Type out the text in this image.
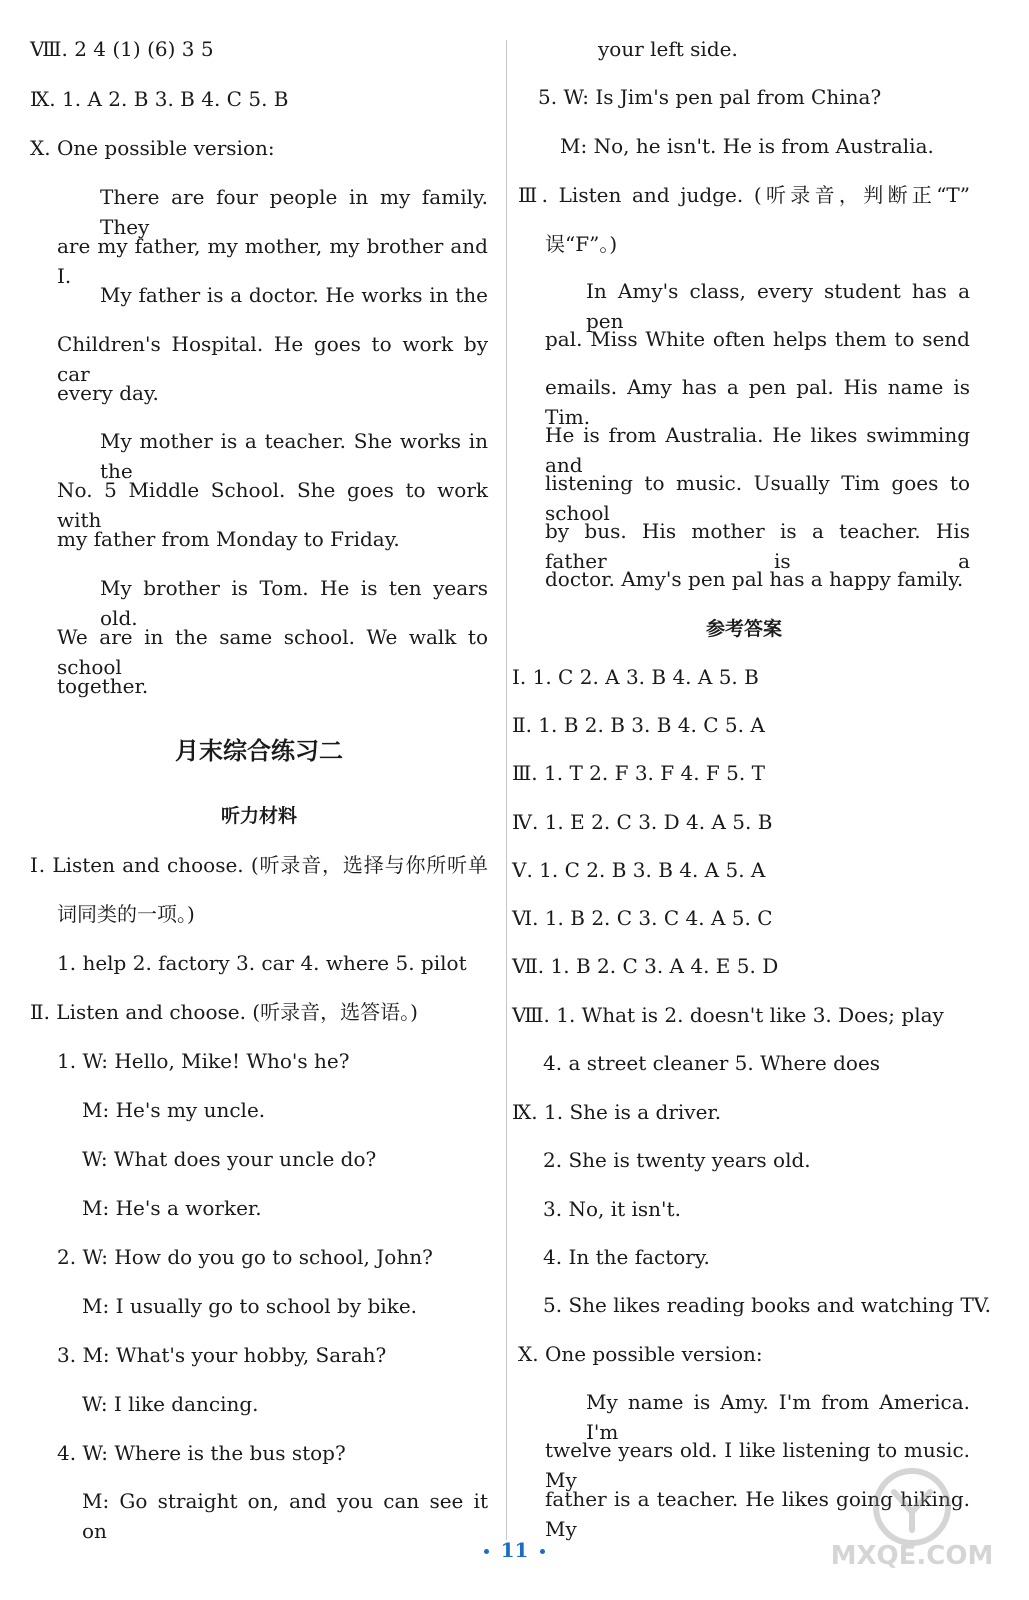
Ⅷ. 2 4 (1) (6) 3 5
Ⅸ. 1. A 2. B 3. B 4. C 5. B
Ⅹ. One possible version:
There are four people in my family. They
are my father, my mother, my brother and I.
My father is a doctor. He works in the
Children's Hospital. He goes to work by car
every day.
My mother is a teacher. She works in the
No. 5 Middle School. She goes to work with
my father from Monday to Friday.
My brother is Tom. He is ten years old.
We are in the same school. We walk to school
together.
月末综合练习二
听力材料
Ⅰ. Listen and choose. (听录音，选择与你所听单
词同类的一项。)
1. help 2. factory 3. car 4. where 5. pilot
Ⅱ. Listen and choose. (听录音，选答语。)
1. W: Hello, Mike! Who's he?
M: He's my uncle.
W: What does your uncle do?
M: He's a worker.
2. W: How do you go to school, John?
M: I usually go to school by bike.
3. M: What's your hobby, Sarah?
W: I like dancing.
4. W: Where is the bus stop?
M: Go straight on, and you can see it on
your left side.
5. W: Is Jim's pen pal from China?
M: No, he isn't. He is from Australia.
Ⅲ. Listen and judge. (听录音，判断正“T”
误“F”。)
In Amy's class, every student has a pen
pal. Miss White often helps them to send
emails. Amy has a pen pal. His name is Tim.
He is from Australia. He likes swimming and
listening to music. Usually Tim goes to school
by bus. His mother is a teacher. His father is a
doctor. Amy's pen pal has a happy family.
参考答案
Ⅰ. 1. C 2. A 3. B 4. A 5. B
Ⅱ. 1. B 2. B 3. B 4. C 5. A
Ⅲ. 1. T 2. F 3. F 4. F 5. T
Ⅳ. 1. E 2. C 3. D 4. A 5. B
Ⅴ. 1. C 2. B 3. B 4. A 5. A
Ⅵ. 1. B 2. C 3. C 4. A 5. C
Ⅶ. 1. B 2. C 3. A 4. E 5. D
Ⅷ. 1. What is 2. doesn't like 3. Does; play
4. a street cleaner 5. Where does
Ⅸ. 1. She is a driver.
2. She is twenty years old.
3. No, it isn't.
4. In the factory.
5. She likes reading books and watching TV.
Ⅹ. One possible version:
My name is Amy. I'm from America. I'm
twelve years old. I like listening to music. My
father is a teacher. He likes going hiking. My
11	MXQE.COM
